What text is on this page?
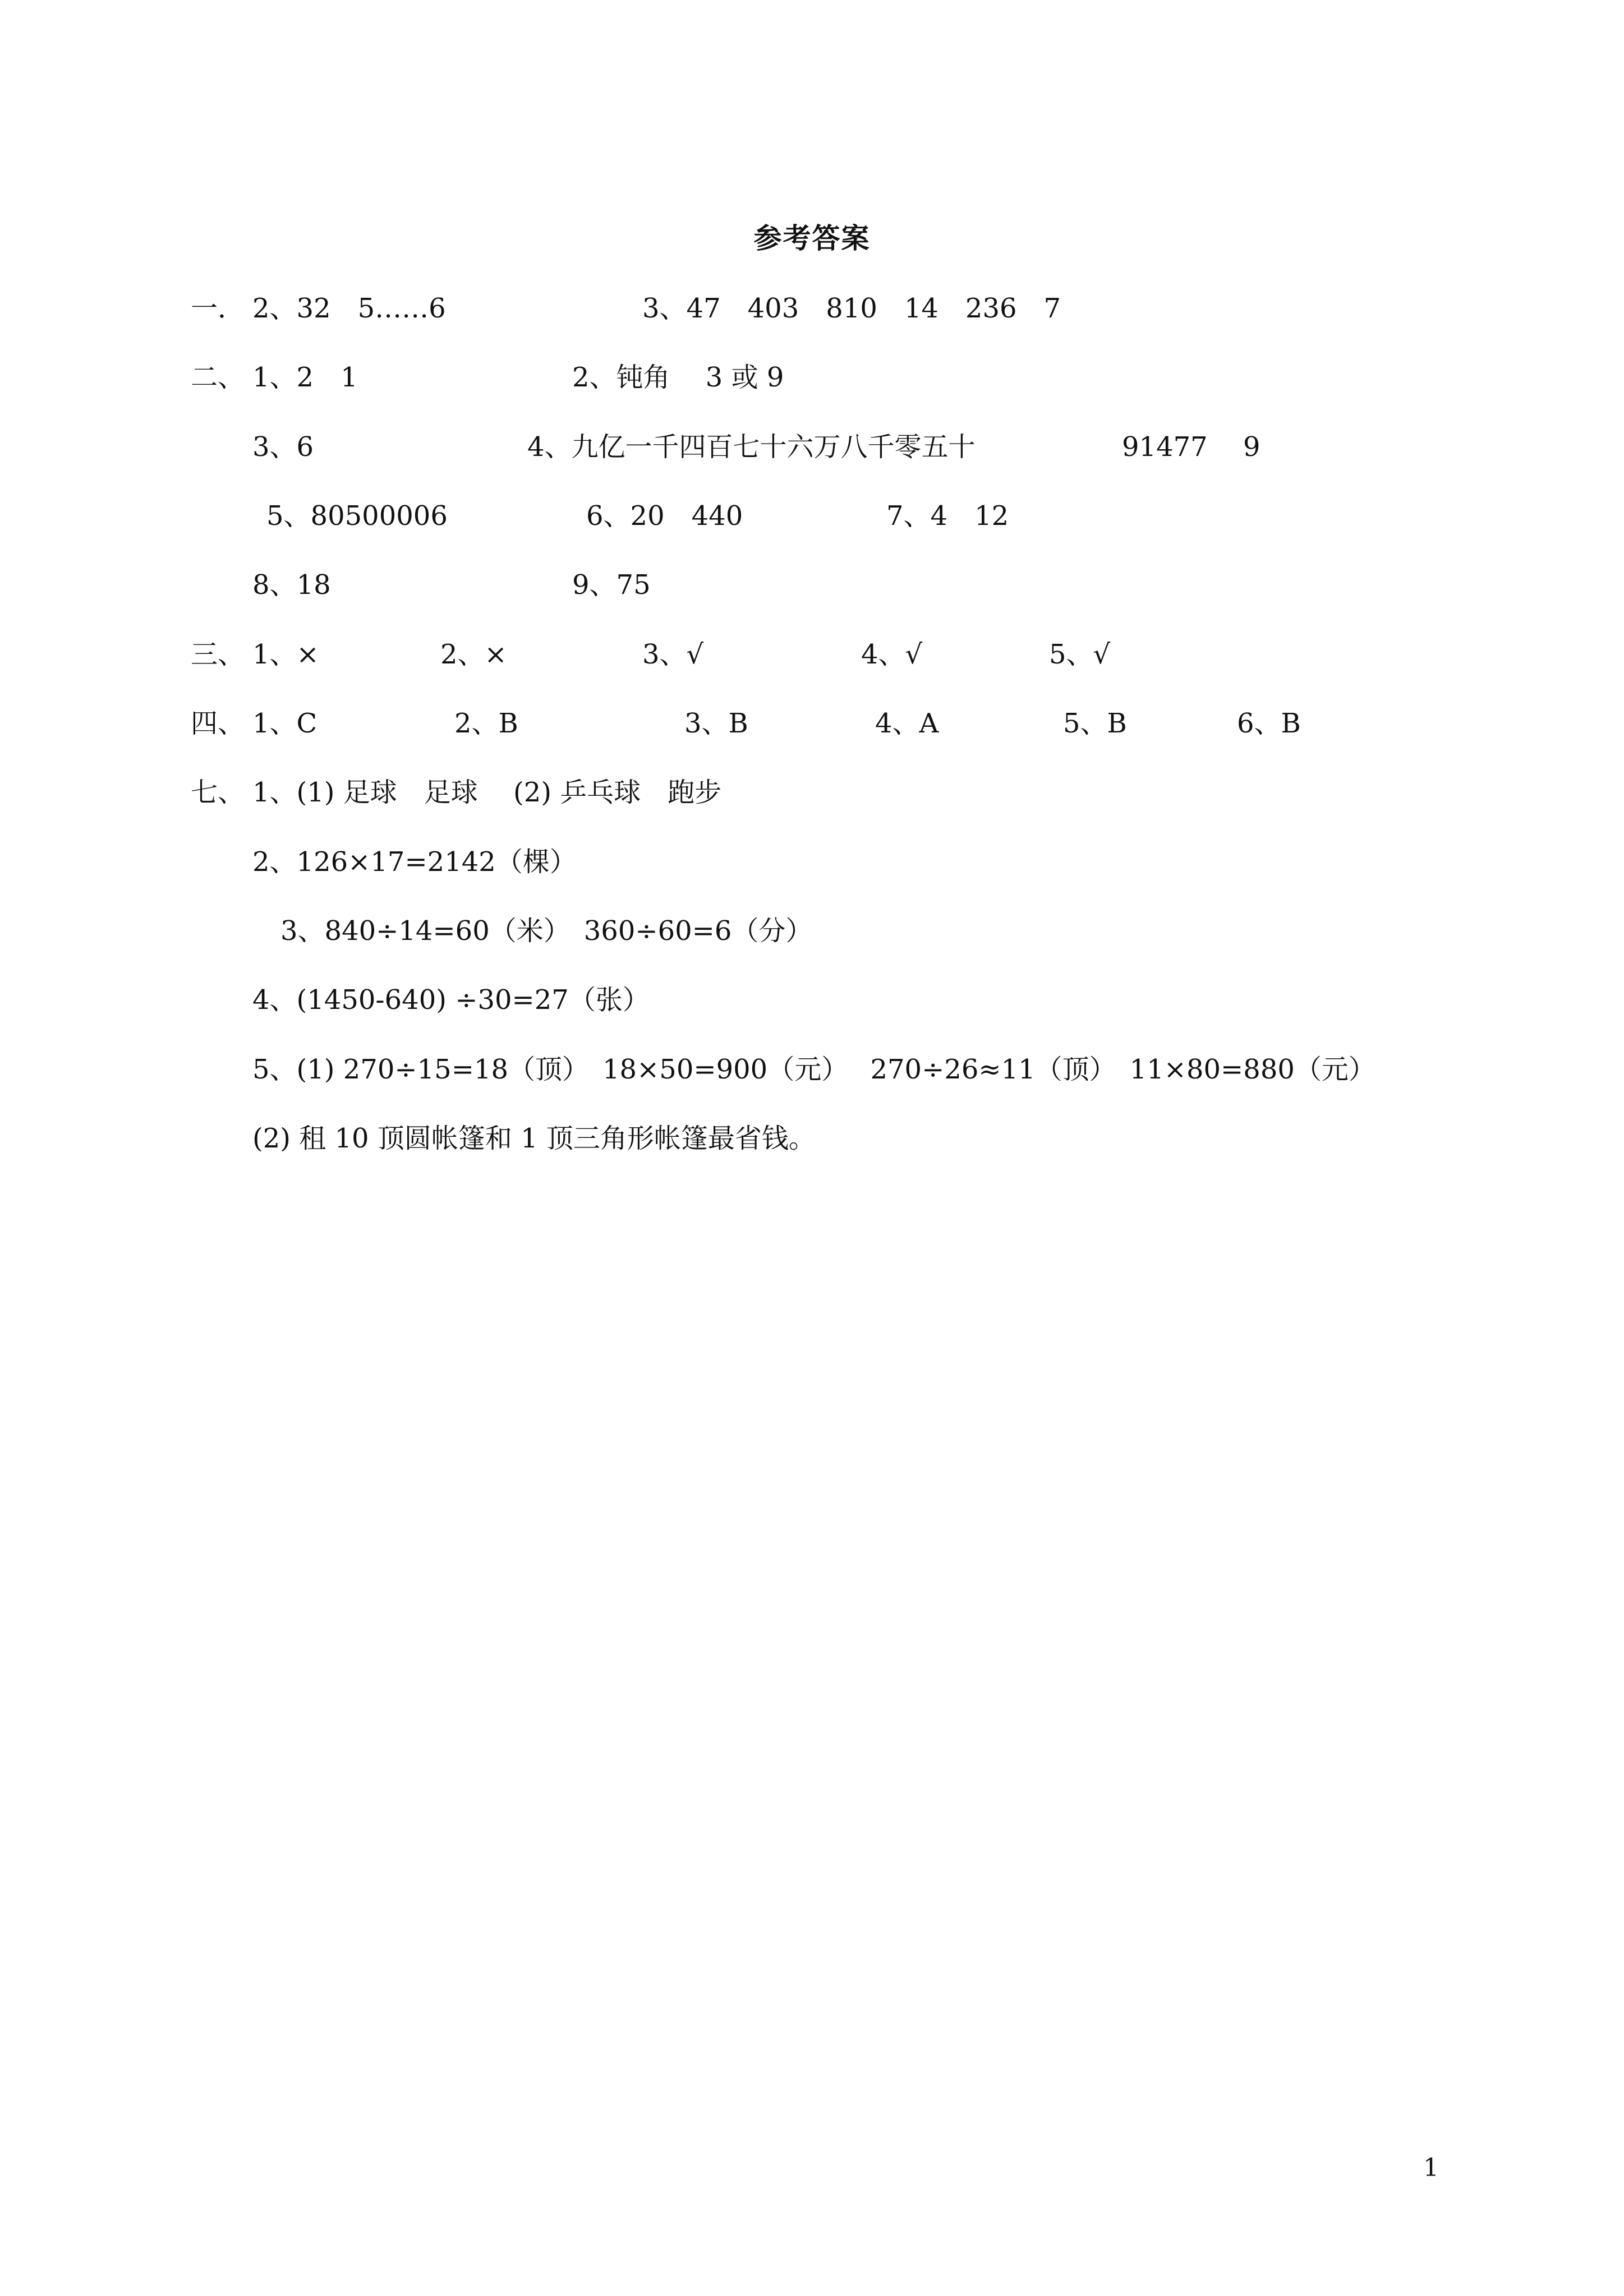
参考答案
一． 2、32　5……6	3、47　403　810　14　236　7
二、 1、2　1	2、钝角　 3 或 9
3、6	4、九亿一千四百七十六万八千零五十	91477　 9
5、80500006	6、20　440	7、4　12
8、18	9、75
三、 1、×	2、×	3、√	4、√	5、√
四、 1、C	2、B	3、B	4、A	5、B	6、B
七、 1、(1) 足球　足球　 (2) 乒乓球　跑步
2、126×17=2142（棵）
3、840÷14=60（米）　360÷60=6（分）
4、(1450-640) ÷30=27（张）
5、(1) 270÷15=18（顶）　18×50=900（元）　 270÷26≈11（顶）　11×80=880（元）
(2) 租 10 顶圆帐篷和 1 顶三角形帐篷最省钱。
1
